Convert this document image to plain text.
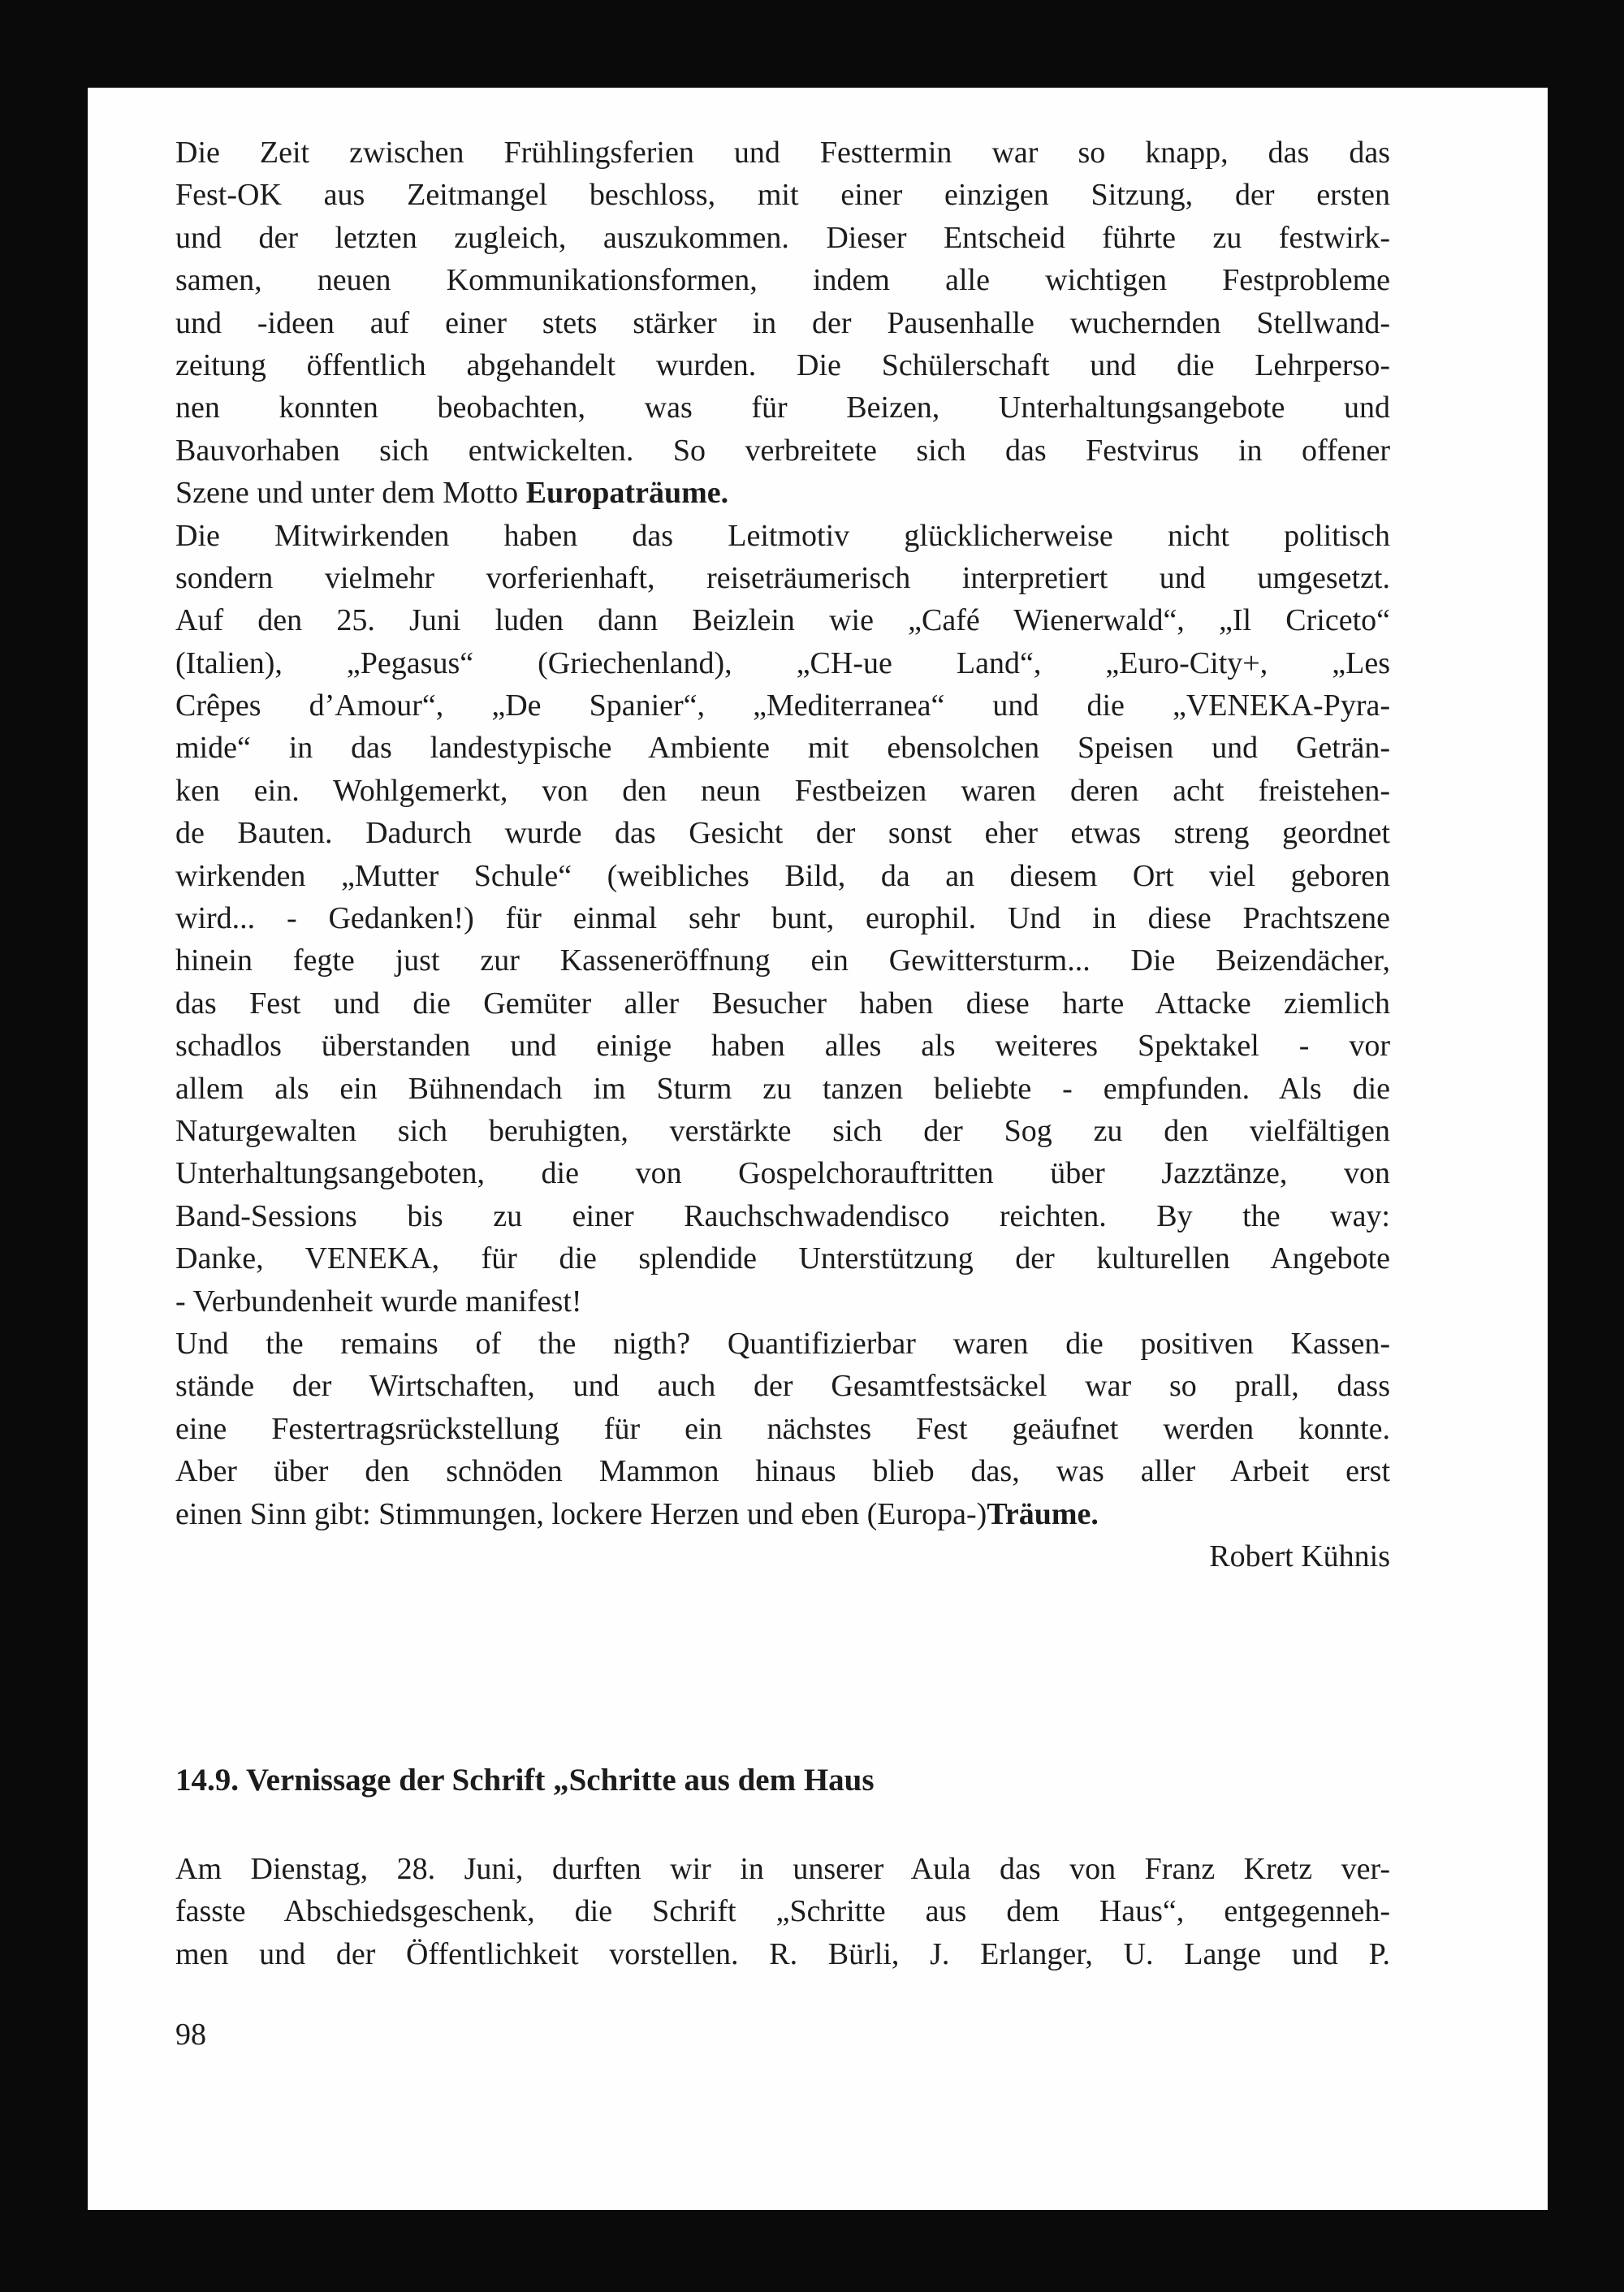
Die Zeit zwischen Frühlingsferien und Festtermin war so knapp, das das
Fest-OK aus Zeitmangel beschloss, mit einer einzigen Sitzung, der ersten
und der letzten zugleich, auszukommen. Dieser Entscheid führte zu festwirk-
samen, neuen Kommunikationsformen, indem alle wichtigen Festprobleme
und -ideen auf einer stets stärker in der Pausenhalle wuchernden Stellwand-
zeitung öffentlich abgehandelt wurden. Die Schülerschaft und die Lehrperso-
nen konnten beobachten, was für Beizen, Unterhaltungsangebote und
Bauvorhaben sich entwickelten. So verbreitete sich das Festvirus in offener
Szene und unter dem Motto Europaträume.
Die Mitwirkenden haben das Leitmotiv glücklicherweise nicht politisch
sondern vielmehr vorferienhaft, reiseträumerisch interpretiert und umgesetzt.
Auf den 25. Juni luden dann Beizlein wie „Café Wienerwald“, „Il Criceto“
(Italien), „Pegasus“ (Griechenland), „CH-ue Land“, „Euro-City+, „Les
Crêpes d’Amour“, „De Spanier“, „Mediterranea“ und die „VENEKA-Pyra-
mide“ in das landestypische Ambiente mit ebensolchen Speisen und Geträn-
ken ein. Wohlgemerkt, von den neun Festbeizen waren deren acht freistehen-
de Bauten. Dadurch wurde das Gesicht der sonst eher etwas streng geordnet
wirkenden „Mutter Schule“ (weibliches Bild, da an diesem Ort viel geboren
wird... - Gedanken!) für einmal sehr bunt, europhil. Und in diese Prachtszene
hinein fegte just zur Kasseneröffnung ein Gewittersturm... Die Beizendächer,
das Fest und die Gemüter aller Besucher haben diese harte Attacke ziemlich
schadlos überstanden und einige haben alles als weiteres Spektakel - vor
allem als ein Bühnendach im Sturm zu tanzen beliebte - empfunden. Als die
Naturgewalten sich beruhigten, verstärkte sich der Sog zu den vielfältigen
Unterhaltungsangeboten, die von Gospelchorauftritten über Jazztänze, von
Band-Sessions bis zu einer Rauchschwadendisco reichten. By the way:
Danke, VENEKA, für die splendide Unterstützung der kulturellen Angebote
- Verbundenheit wurde manifest!
Und the remains of the nigth? Quantifizierbar waren die positiven Kassen-
stände der Wirtschaften, und auch der Gesamtfestsäckel war so prall, dass
eine Festertragsrückstellung für ein nächstes Fest geäufnet werden konnte.
Aber über den schnöden Mammon hinaus blieb das, was aller Arbeit erst
einen Sinn gibt: Stimmungen, lockere Herzen und eben (Europa-)Träume.
Robert Kühnis
14.9. Vernissage der Schrift „Schritte aus dem Haus
Am Dienstag, 28. Juni, durften wir in unserer Aula das von Franz Kretz ver-
fasste Abschiedsgeschenk, die Schrift „Schritte aus dem Haus“, entgegenneh-
men und der Öffentlichkeit vorstellen. R. Bürli, J. Erlanger, U. Lange und P.
98
